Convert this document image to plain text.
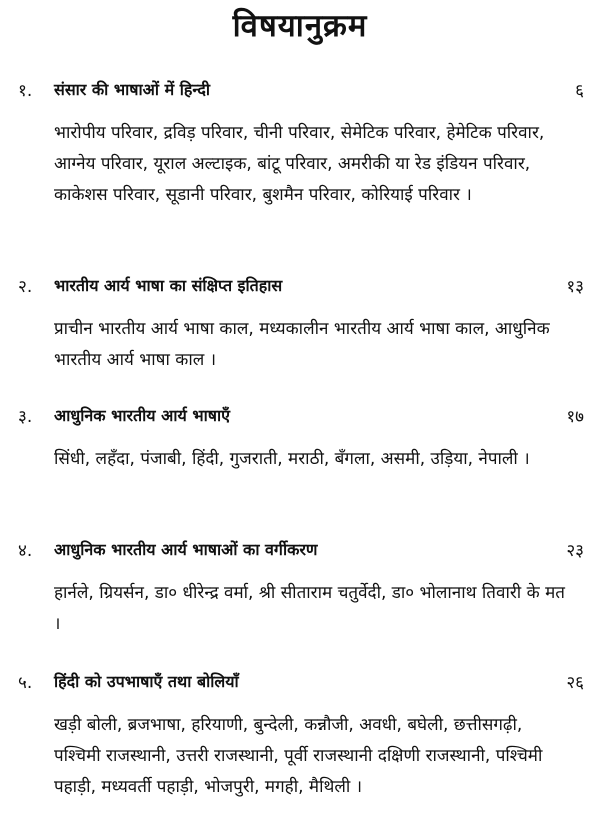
विषयानुक्रम
१. संसार की भाषाओं में हिन्दी	६
भारोपीय परिवार, द्रविड़ परिवार, चीनी परिवार, सेमेटिक परिवार, हेमेटिक परिवार, आग्नेय परिवार, यूराल अल्टाइक, बांटू परिवार, अमरीकी या रेड इंडियन परिवार, काकेशस परिवार, सूडानी परिवार, बुशमैन परिवार, कोरियाई परिवार ।
२. भारतीय आर्य भाषा का संक्षिप्त इतिहास	१३
प्राचीन भारतीय आर्य भाषा काल, मध्यकालीन भारतीय आर्य भाषा काल, आधुनिक भारतीय आर्य भाषा काल ।
३. आधुनिक भारतीय आर्य भाषाएँ	१७
सिंधी, लहँदा, पंजाबी, हिंदी, गुजराती, मराठी, बँगला, असमी, उड़िया, नेपाली ।
४. आधुनिक भारतीय आर्य भाषाओं का वर्गीकरण	२३
हार्नले, ग्रियर्सन, डा० धीरेन्द्र वर्मा, श्री सीताराम चतुर्वेदी, डा० भोलानाथ तिवारी के मत ।
५. हिंदी को उपभाषाएँ तथा बोलियाँ	२६
खड़ी बोली, ब्रजभाषा, हरियाणी, बुन्देली, कन्नौजी, अवधी, बघेली, छत्तीसगढ़ी, पश्चिमी राजस्थानी, उत्तरी राजस्थानी, पूर्वी राजस्थानी दक्षिणी राजस्थानी, पश्चिमी पहाड़ी, मध्यवर्ती पहाड़ी, भोजपुरी, मगही, मैथिली ।
